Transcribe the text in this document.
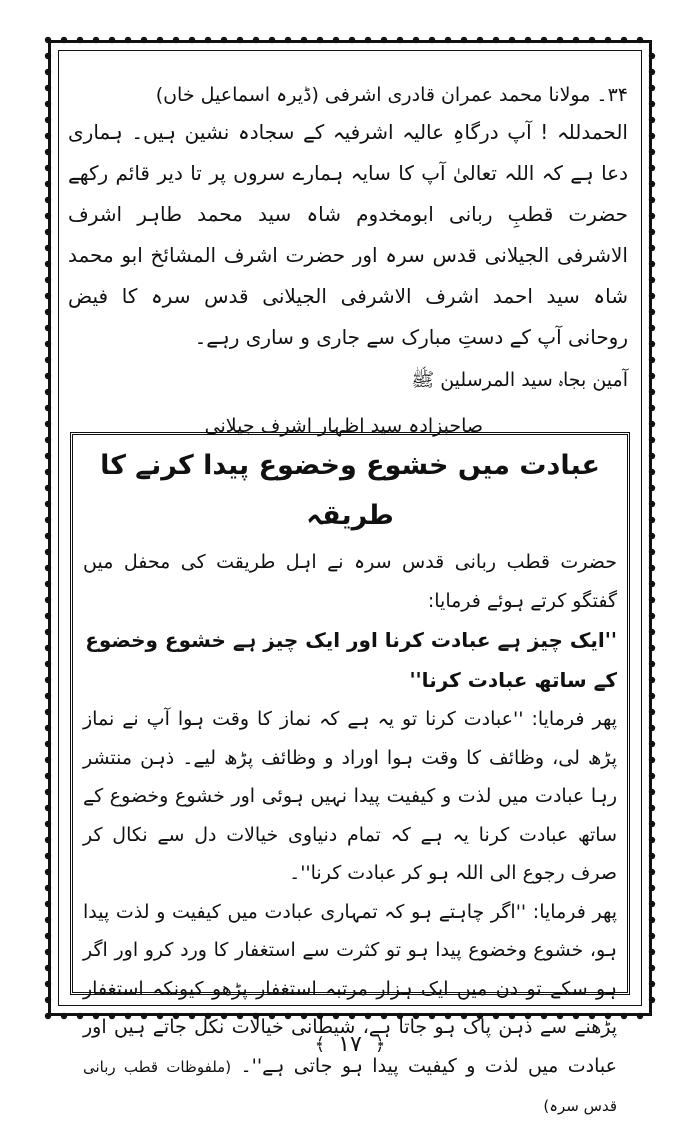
۳۴۔ مولانا محمد عمران قادری اشرفی (ڈیرہ اسماعیل خاں)

الحمدللہ ! آپ درگاہِ عالیہ اشرفیہ کے سجادہ نشین ہیں۔ ہماری دعا ہے کہ اللہ تعالیٰ آپ کا سایہ ہمارے سروں پر تا دیر قائم رکھے حضرت قطبِ ربانی ابومخدوم شاہ سید محمد طاہر اشرف الاشرفی الجیلانی قدس سرہ اور حضرت اشرف المشائخ ابو محمد شاہ سید احمد اشرف الاشرفی الجیلانی قدس سرہ کا فیض روحانی آپ کے دستِ مبارک سے جاری و ساری رہے۔

آمین بجاہ سید المرسلین ﷺ

صاحبزادہ سید اظہار اشرف جیلانی

عبادت میں خشوع وخضوع پیدا کرنے کا طریقہ

حضرت قطب ربانی قدس سرہ نے اہل طریقت کی محفل میں گفتگو کرتے ہوئے فرمایا:

''ایک چیز ہے عبادت کرنا اور ایک چیز ہے خشوع وخضوع کے ساتھ عبادت کرنا''

پھر فرمایا: ''عبادت کرنا تو یہ ہے کہ نماز کا وقت ہوا آپ نے نماز پڑھ لی، وظائف کا وقت ہوا اوراد و وظائف پڑھ لیے۔ ذہن منتشر رہا عبادت میں لذت و کیفیت پیدا نہیں ہوئی اور خشوع وخضوع کے ساتھ عبادت کرنا یہ ہے کہ تمام دنیاوی خیالات دل سے نکال کر صرف رجوع الی اللہ ہو کر عبادت کرنا''۔

پھر فرمایا: ''اگر چاہتے ہو کہ تمہاری عبادت میں کیفیت و لذت پیدا ہو، خشوع وخضوع پیدا ہو تو کثرت سے استغفار کا ورد کرو اور اگر ہو سکے تو دن میں ایک ہزار مرتبہ استغفار پڑھو کیونکہ استغفار پڑھنے سے ذہن پاک ہو جاتا ہے، شیطانی خیالات نکل جاتے ہیں اور عبادت میں لذت و کیفیت پیدا ہو جاتی ہے''۔ (ملفوظات قطب ربانی قدس سرہ)

﴿ ۱۷ ﴾
